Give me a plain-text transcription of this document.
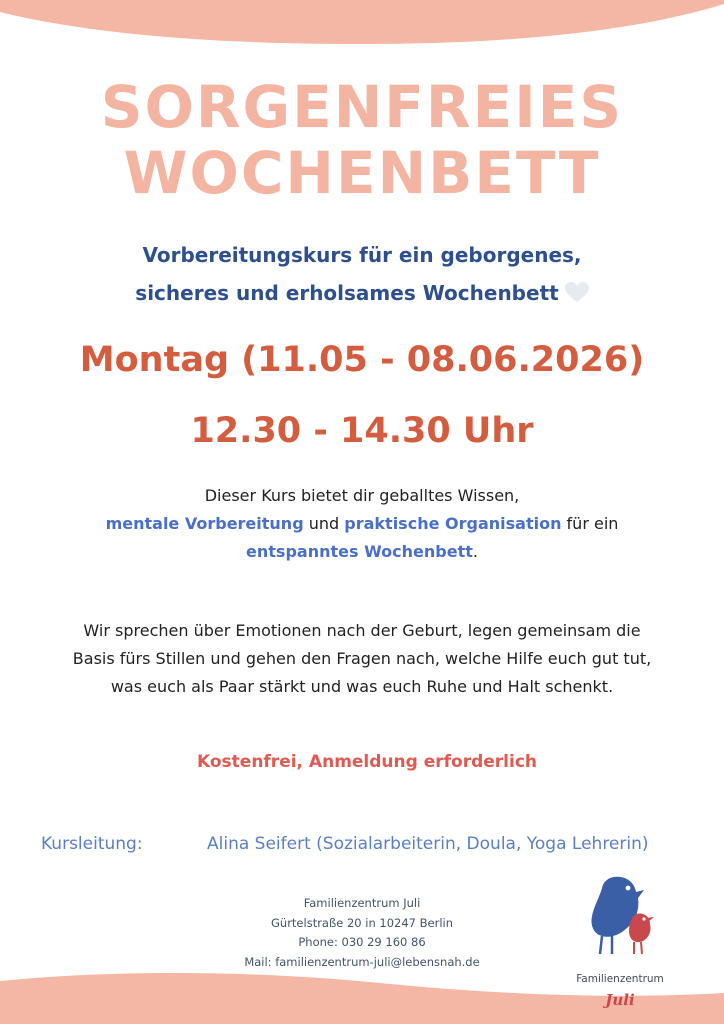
SORGENFREIES
WOCHENBETT
Vorbereitungskurs für ein geborgenes,
sicheres und erholsames Wochenbett
Montag (11.05 - 08.06.2026)
12.30 - 14.30 Uhr
Dieser Kurs bietet dir geballtes Wissen,
mentale Vorbereitung und praktische Organisation für ein
entspanntes Wochenbett.
Wir sprechen über Emotionen nach der Geburt, legen gemeinsam die
Basis fürs Stillen und gehen den Fragen nach, welche Hilfe euch gut tut,
was euch als Paar stärkt und was euch Ruhe und Halt schenkt.
Kostenfrei, Anmeldung erforderlich
Kursleitung:	Alina Seifert (Sozialarbeiterin, Doula, Yoga Lehrerin)
Familienzentrum Juli
Gürtelstraße 20 in 10247 Berlin
Phone: 030 29 160 86
Mail: familienzentrum-juli@lebensnah.de
Familienzentrum
Juli
